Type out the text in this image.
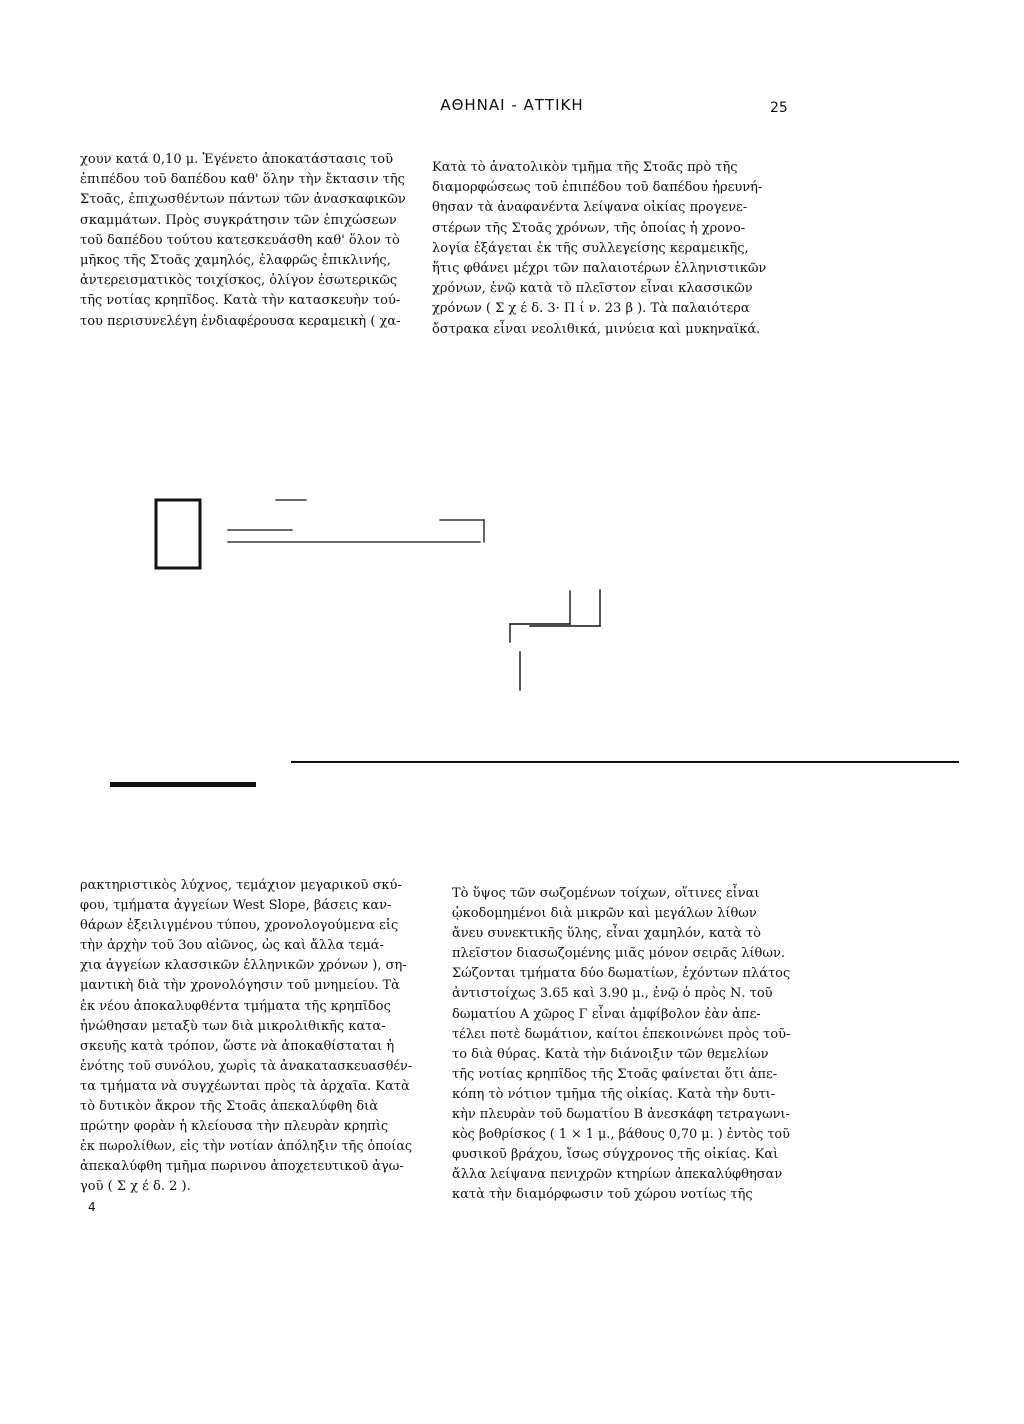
ΑΘΗΝΑΙ - ΑΤΤΙΚΗ	25
χουν κατά 0,10 μ. Ἐγένετο ἀποκατάστασις τοῦ
ἐπιπέδου τοῦ δαπέδου καθ' ὅλην τὴν ἔκτασιν τῆς
Στοᾶς, ἐπιχωσθέντων πάντων τῶν ἀνασκαφικῶν
σκαμμάτων. Πρὸς συγκράτησιν τῶν ἐπιχώσεων
τοῦ δαπέδου τούτου κατεσκευάσθη καθ' ὅλον τὸ
μῆκος τῆς Στοᾶς χαμηλός, ἐλαφρῶς ἐπικλινής,
ἀντερεισματικὸς τοιχίσκος, ὀλίγον ἐσωτερικῶς
τῆς νοτίας κρηπῖδος. Κατὰ τὴν κατασκευὴν τού-
του περισυνελέγη ἐνδιαφέρουσα κεραμεικὴ ( χα-
Κατὰ τὸ ἀνατολικὸν τμῆμα τῆς Στοᾶς πρὸ τῆς
διαμορφώσεως τοῦ ἐπιπέδου τοῦ δαπέδου ἠρευνή-
θησαν τὰ ἀναφανέντα λείψανα οἰκίας προγενε-
στέρων τῆς Στοᾶς χρόνων, τῆς ὁποίας ἡ χρονο-
λογία ἐξάγεται ἐκ τῆς συλλεγείσης κεραμεικῆς,
ἥτις φθάνει μέχρι τῶν παλαιοτέρων ἑλληνιστικῶν
χρόνων, ἐνῷ κατὰ τὸ πλεῖστον εἶναι κλασσικῶν
χρόνων ( Σ χ έ δ. 3· Π ί ν. 23 β ). Τὰ παλαιότερα
ὄστρακα εἶναι νεολιθικά, μινύεια καὶ μυκηναϊκά.
ρακτηριστικὸς λύχνος, τεμάχιον μεγαρικοῦ σκύ-
φου, τμήματα ἀγγείων West Slope, βάσεις καν-
θάρων ἐξειλιγμένου τύπου, χρονολογούμενα εἰς
τὴν ἀρχὴν τοῦ 3ου αἰῶνος, ὡς καὶ ἄλλα τεμά-
χια ἀγγείων κλασσικῶν ἑλληνικῶν χρόνων ), ση-
μαντικὴ διὰ τὴν χρονολόγησιν τοῦ μνημείου. Τὰ
ἐκ νέου ἀποκαλυφθέντα τμήματα τῆς κρηπῖδος
ἠνώθησαν μεταξὺ των διὰ μικρολιθικῆς κατα-
σκευῆς κατὰ τρόπον, ὥστε νὰ ἀποκαθίσταται ἡ
ἑνότης τοῦ συνόλου, χωρὶς τὰ ἀνακατασκευασθέν-
τα τμήματα νὰ συγχέωνται πρὸς τὰ ἀρχαῖα. Κατὰ
τὸ δυτικὸν ἄκρον τῆς Στοᾶς ἀπεκαλύφθη διὰ
πρώτην φορὰν ἡ κλείουσα τὴν πλευρὰν κρηπὶς
ἐκ πωρολίθων, εἰς τὴν νοτίαν ἀπόληξιν τῆς ὁποίας
ἀπεκαλύφθη τμῆμα πωρινου ἀποχετευτικοῦ ἀγω-
γοῦ ( Σ χ έ δ. 2 ).
Τὸ ὕψος τῶν σωζομένων τοίχων, οἵτινες εἶναι
ᾠκοδομημένοι διὰ μικρῶν καὶ μεγάλων λίθων
ἄνευ συνεκτικῆς ὕλης, εἶναι χαμηλόν, κατὰ τὸ
πλεῖστον διασωζομένης μιᾶς μόνον σειρᾶς λίθων.
Σώζονται τμήματα δύο δωματίων, ἐχόντων πλάτος
ἀντιστοίχως 3.65 καὶ 3.90 μ., ἐνῷ ὁ πρὸς Ν. τοῦ
δωματίου Α χῶρος Γ εἶναι ἀμφίβολον ἐὰν ἀπε-
τέλει ποτὲ δωμάτιον, καίτοι ἐπεκοινώνει πρὸς τοῦ-
το διὰ θύρας. Κατὰ τὴν διάνοιξιν τῶν θεμελίων
τῆς νοτίας κρηπῖδος τῆς Στοᾶς φαίνεται ὅτι ἀπε-
κόπη τὸ νότιον τμῆμα τῆς οἰκίας. Κατὰ τὴν δυτι-
κὴν πλευρὰν τοῦ δωματίου Β ἀνεσκάφη τετραγωνι-
κὸς βοθρίσκος ( 1 × 1 μ., βάθους 0,70 μ. ) ἐντὸς τοῦ
φυσικοῦ βράχου, ἴσως σύγχρονος τῆς οἰκίας. Καὶ
ἄλλα λείψανα πενιχρῶν κτηρίων ἀπεκαλύφθησαν
κατὰ τὴν διαμόρφωσιν τοῦ χώρου νοτίως τῆς
4
